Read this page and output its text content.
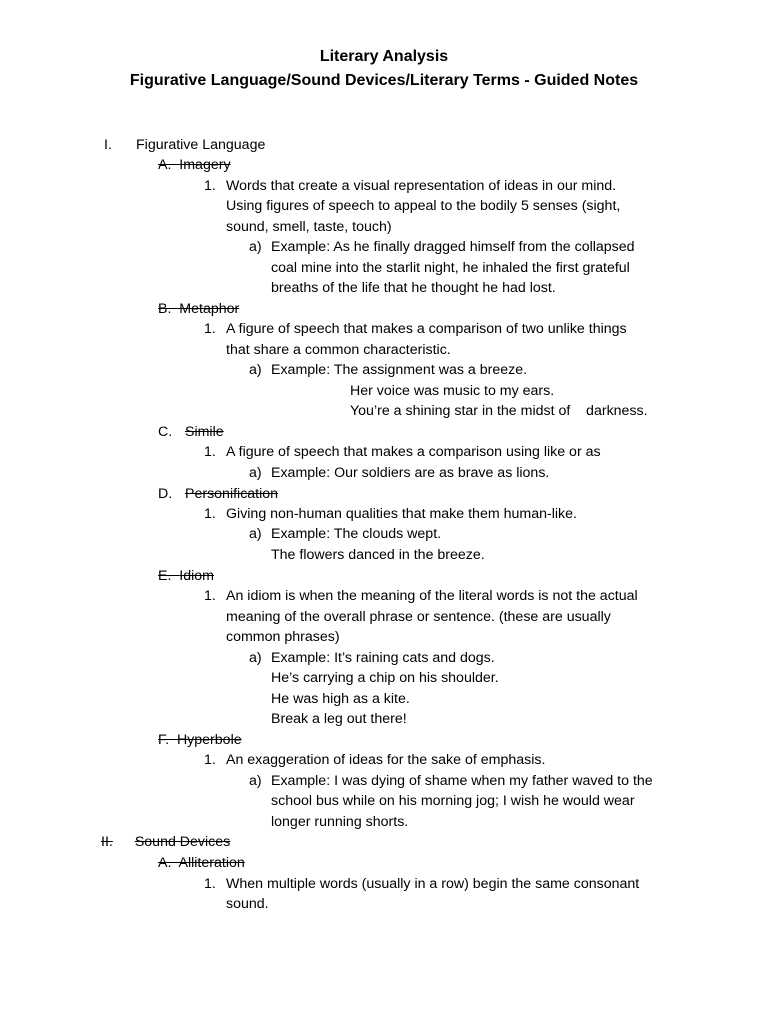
Literary Analysis
Figurative Language/Sound Devices/Literary Terms - Guided Notes
I. Figurative Language
A. Imagery
1. Words that create a visual representation of ideas in our mind.
Using figures of speech to appeal to the bodily 5 senses (sight,
sound, smell, taste, touch)
a) Example: As he finally dragged himself from the collapsed
coal mine into the starlit night, he inhaled the first grateful
breaths of the life that he thought he had lost.
B. Metaphor
1. A figure of speech that makes a comparison of two unlike things
that share a common characteristic.
a) Example: The assignment was a breeze.
Her voice was music to my ears.
You’re a shining star in the midst of    darkness.
C. Simile
1. A figure of speech that makes a comparison using like or as
a) Example: Our soldiers are as brave as lions.
D. Personification
1. Giving non-human qualities that make them human-like.
a) Example: The clouds wept.
The flowers danced in the breeze.
E. Idiom
1. An idiom is when the meaning of the literal words is not the actual
meaning of the overall phrase or sentence. (these are usually
common phrases)
a) Example: It’s raining cats and dogs.
He’s carrying a chip on his shoulder.
He was high as a kite.
Break a leg out there!
F. Hyperbole
1. An exaggeration of ideas for the sake of emphasis.
a) Example: I was dying of shame when my father waved to the
school bus while on his morning jog; I wish he would wear
longer running shorts.
II. Sound Devices
A. Alliteration
1. When multiple words (usually in a row) begin the same consonant
sound.
